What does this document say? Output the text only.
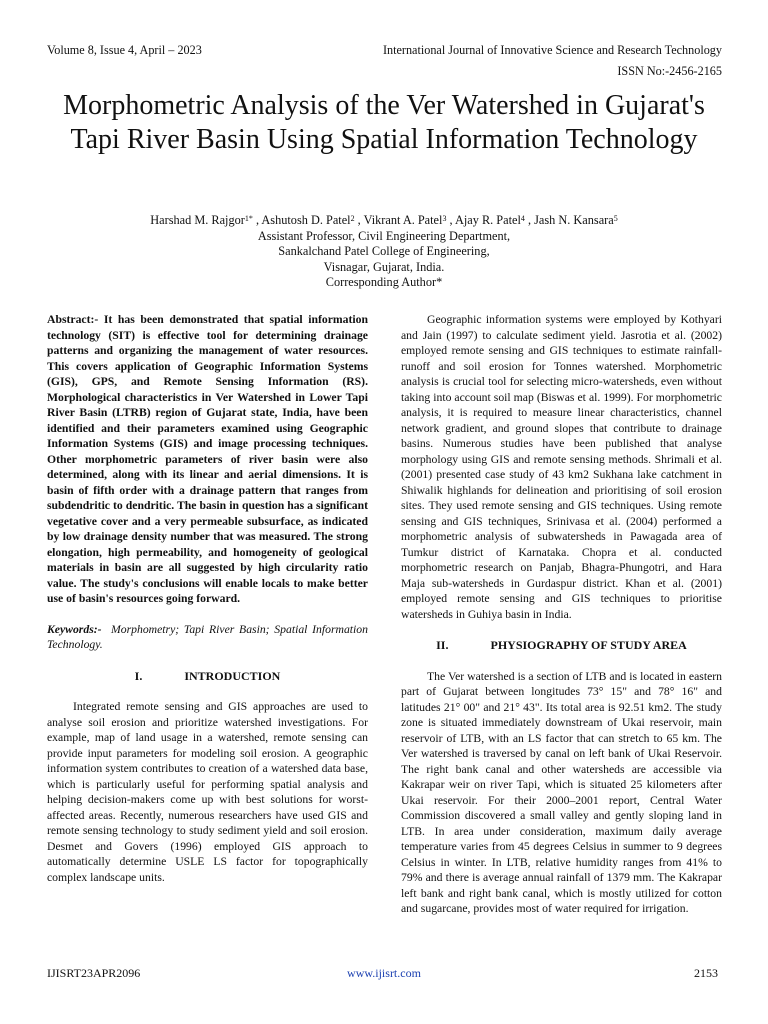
Volume 8, Issue 4, April – 2023	International Journal of Innovative Science and Research Technology
ISSN No:-2456-2165
Morphometric Analysis of the Ver Watershed in Gujarat's Tapi River Basin Using Spatial Information Technology
Harshad M. Rajgor$^{1*}$ , Ashutosh D. Patel$^2$ , Vikrant A. Patel$^3$ , Ajay R. Patel$^4$ , Jash N. Kansara$^5$
Assistant Professor, Civil Engineering Department,
Sankalchand Patel College of Engineering,
Visnagar, Gujarat, India.
Corresponding Author*

Abstract:- It has been demonstrated that spatial information technology (SIT) is effective tool for determining drainage patterns and organizing the management of water resources. This covers application of Geographic Information Systems (GIS), GPS, and Remote Sensing Information (RS). Morphological characteristics in Ver Watershed in Lower Tapi River Basin (LTRB) region of Gujarat state, India, have been identified and their parameters examined using Geographic Information Systems (GIS) and image processing techniques. Other morphometric parameters of river basin were also determined, along with its linear and aerial dimensions. It is basin of fifth order with a drainage pattern that ranges from subdendritic to dendritic. The basin in question has a significant vegetative cover and a very permeable subsurface, as indicated by low drainage density number that was measured. The strong elongation, high permeability, and homogeneity of geological materials in basin are all suggested by high circularity ratio value. The study's conclusions will enable locals to make better use of basin's resources going forward.

Keywords:- Morphometry; Tapi River Basin; Spatial Information Technology.

I.	INTRODUCTION

Integrated remote sensing and GIS approaches are used to analyse soil erosion and prioritize watershed investigations. For example, map of land usage in a watershed, remote sensing can provide input parameters for modeling soil erosion. A geographic information system contributes to creation of a watershed data base, which is particularly useful for performing spatial analysis and helping decision-makers come up with best solutions for worst-affected areas. Recently, numerous researchers have used GIS and remote sensing technology to study sediment yield and soil erosion. Desmet and Govers (1996) employed GIS approach to automatically determine USLE LS factor for topographically complex landscape units.

Geographic information systems were employed by Kothyari and Jain (1997) to calculate sediment yield. Jasrotia et al. (2002) employed remote sensing and GIS techniques to estimate rainfall-runoff and soil erosion for Tonnes watershed. Morphometric analysis is crucial tool for selecting micro-watersheds, even without taking into account soil map (Biswas et al. 1999). For morphometric analysis, it is required to measure linear characteristics, channel network gradient, and ground slopes that contribute to drainage basins. Numerous studies have been published that analyse morphology using GIS and remote sensing methods. Shrimali et al. (2001) presented case study of 43 km2 Sukhana lake catchment in Shiwalik highlands for delineation and prioritising of soil erosion sites. They used remote sensing and GIS techniques. Using remote sensing and GIS techniques, Srinivasa et al. (2004) performed a morphometric analysis of subwatersheds in Pawagada area of Tumkur district of Karnataka. Chopra et al. conducted morphometric research on Panjab, Bhagra-Phungotri, and Hara Maja sub-watersheds in Gurdaspur district. Khan et al. (2001) employed remote sensing and GIS techniques to prioritise watersheds in Guhiya basin in India.

II.	PHYSIOGRAPHY OF STUDY AREA

The Ver watershed is a section of LTB and is located in eastern part of Gujarat between longitudes 73° 15" and 78° 16" and latitudes 21° 00" and 21° 43". Its total area is 92.51 km2. The study zone is situated immediately downstream of Ukai reservoir, main reservoir of LTB, with an LS factor that can stretch to 65 km. The Ver watershed is traversed by canal on left bank of Ukai Reservoir. The right bank canal and other watersheds are accessible via Kakrapar weir on river Tapi, which is situated 25 kilometers after Ukai reservoir. For their 2000–2001 report, Central Water Commission discovered a small valley and gently sloping land in LTB. In area under consideration, maximum daily average temperature varies from 45 degrees Celsius in summer to 9 degrees Celsius in winter. In LTB, relative humidity ranges from 41% to 79% and there is average annual rainfall of 1379 mm. The Kakrapar left bank and right bank canal, which is mostly utilized for cotton and sugarcane, provides most of water required for irrigation.

IJISRT23APR2096	www.ijisrt.com	2153
